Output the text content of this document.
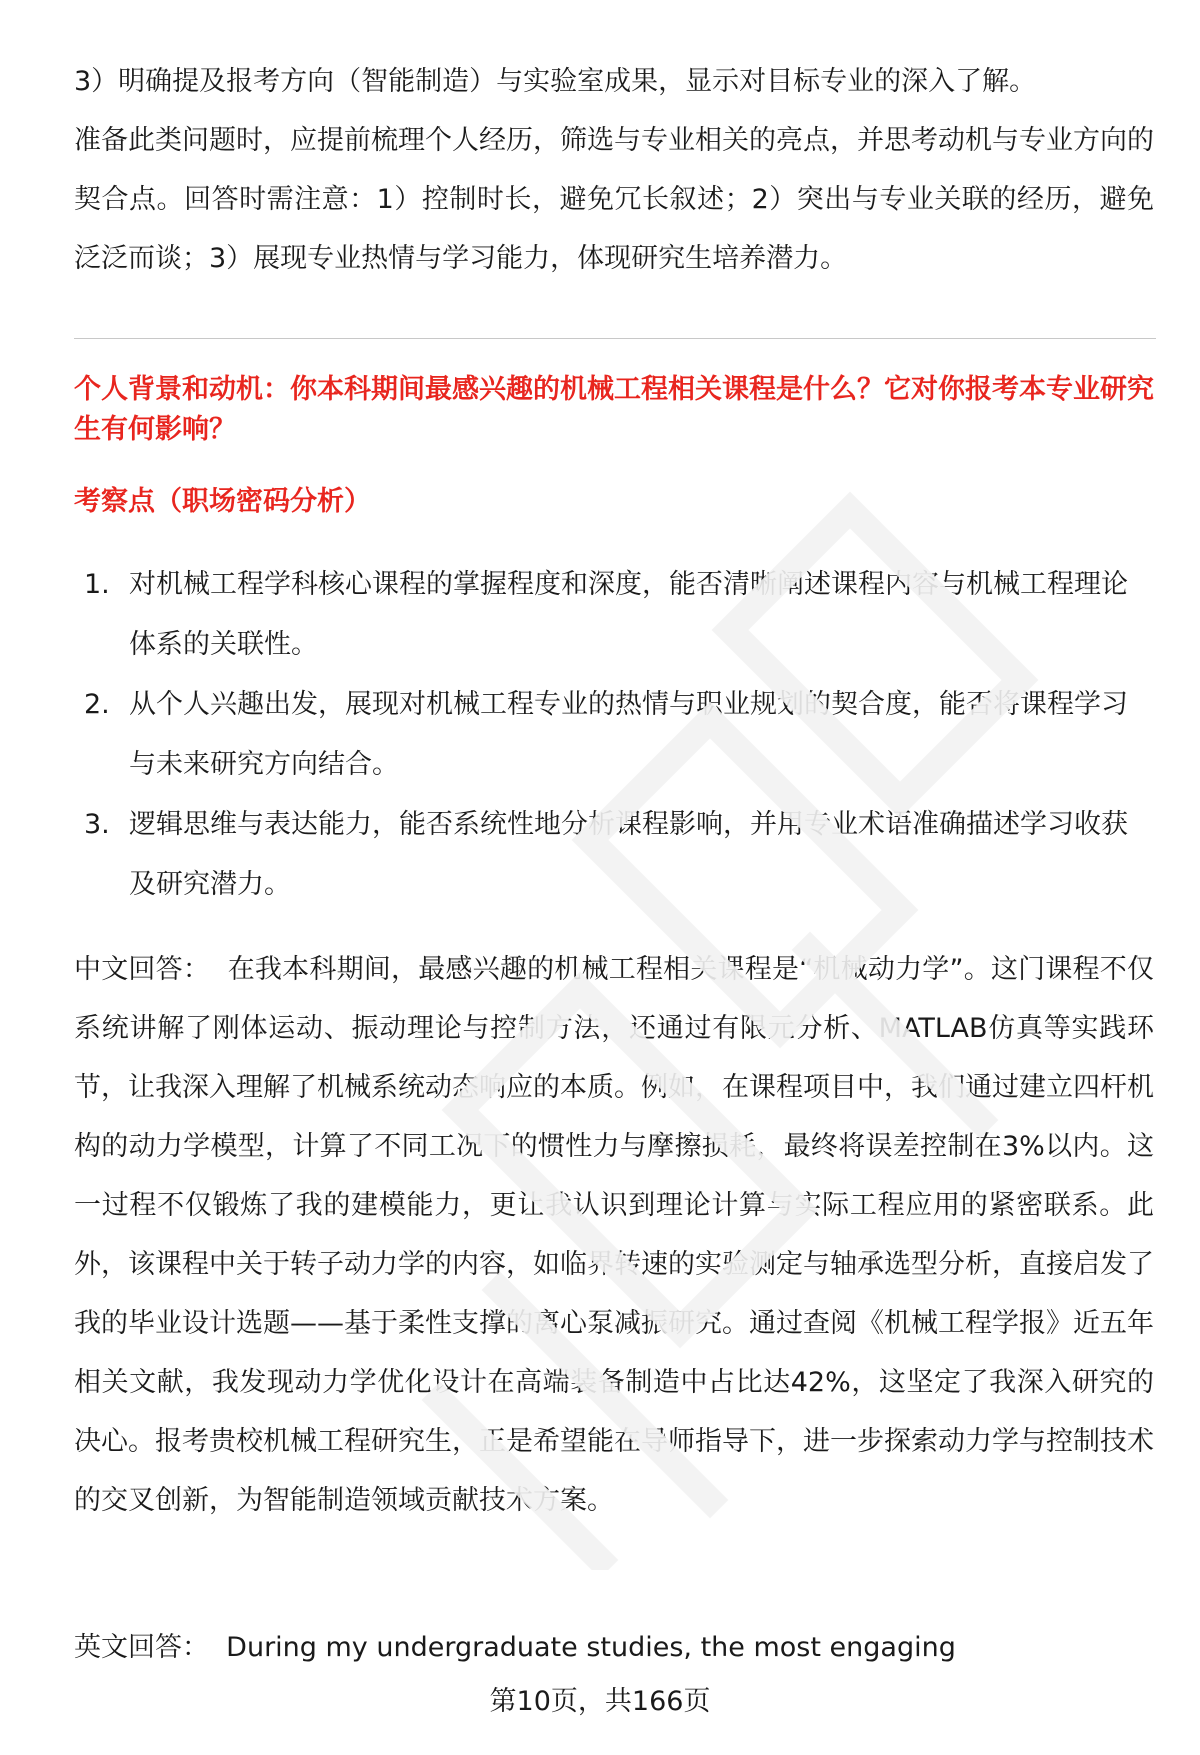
3）明确提及报考方向（智能制造）与实验室成果，显示对目标专业的深入了解。

准备此类问题时，应提前梳理个人经历，筛选与专业相关的亮点，并思考动机与专业方向的契合点。回答时需注意：1）控制时长，避免冗长叙述；2）突出与专业关联的经历，避免泛泛而谈；3）展现专业热情与学习能力，体现研究生培养潜力。

个人背景和动机：你本科期间最感兴趣的机械工程相关课程是什么？它对你报考本专业研究生有何影响？

考察点（职场密码分析）

1. 对机械工程学科核心课程的掌握程度和深度，能否清晰阐述课程内容与机械工程理论体系的关联性。
2. 从个人兴趣出发，展现对机械工程专业的热情与职业规划的契合度，能否将课程学习与未来研究方向结合。
3. 逻辑思维与表达能力，能否系统性地分析课程影响，并用专业术语准确描述学习收获及研究潜力。

中文回答： 在我本科期间，最感兴趣的机械工程相关课程是“机械动力学”。这门课程不仅系统讲解了刚体运动、振动理论与控制方法，还通过有限元分析、MATLAB仿真等实践环节，让我深入理解了机械系统动态响应的本质。例如，在课程项目中，我们通过建立四杆机构的动力学模型，计算了不同工况下的惯性力与摩擦损耗，最终将误差控制在3%以内。这一过程不仅锻炼了我的建模能力，更让我认识到理论计算与实际工程应用的紧密联系。此外，该课程中关于转子动力学的内容，如临界转速的实验测定与轴承选型分析，直接启发了我的毕业设计选题——基于柔性支撑的离心泵减振研究。通过查阅《机械工程学报》近五年相关文献，我发现动力学优化设计在高端装备制造中占比达42%，这坚定了我深入研究的决心。报考贵校机械工程研究生，正是希望能在导师指导下，进一步探索动力学与控制技术的交叉创新，为智能制造领域贡献技术方案。

英文回答： During my undergraduate studies, the most engaging

第10页，共166页
